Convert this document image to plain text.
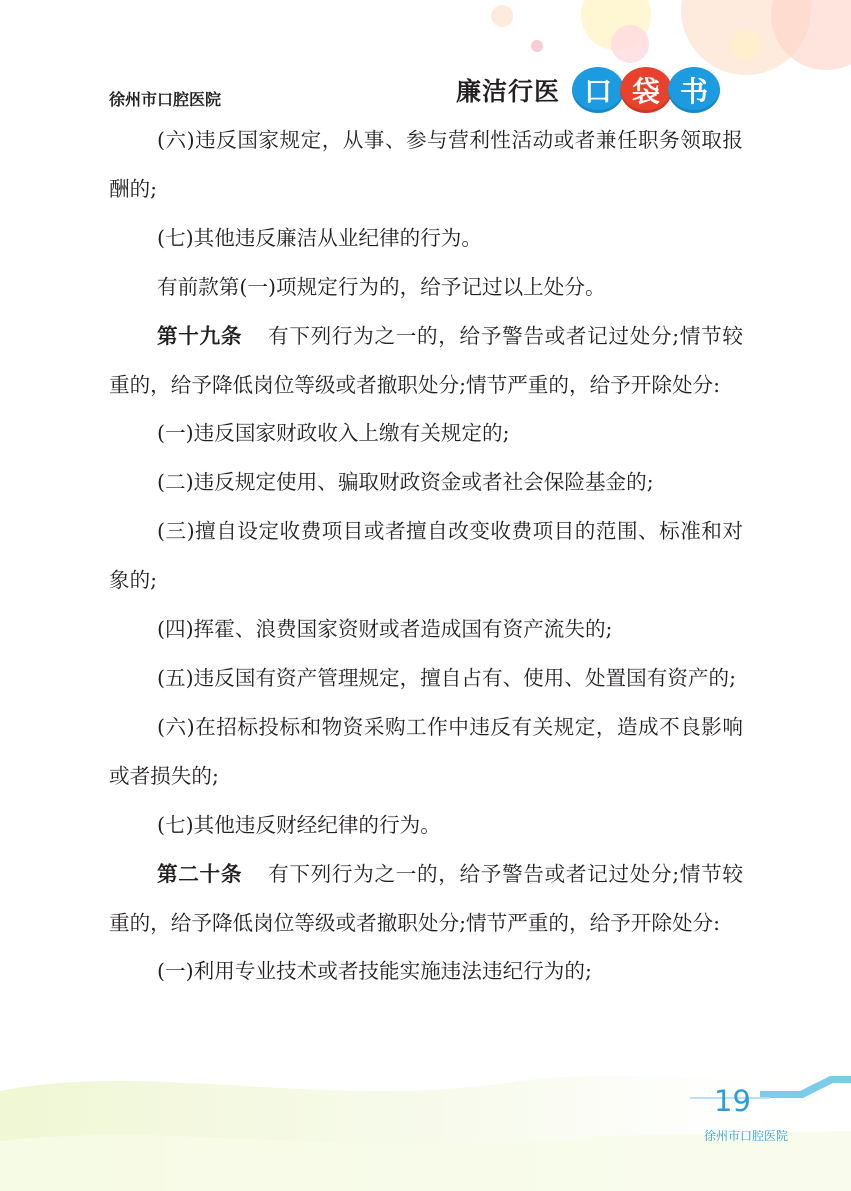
徐州市口腔医院	廉洁行医 口 袋 书

(六)违反国家规定，从事、参与营利性活动或者兼任职务领取报酬的;

(七)其他违反廉洁从业纪律的行为。

有前款第(一)项规定行为的，给予记过以上处分。

第十九条 有下列行为之一的，给予警告或者记过处分;情节较重的，给予降低岗位等级或者撤职处分;情节严重的，给予开除处分:

(一)违反国家财政收入上缴有关规定的;

(二)违反规定使用、骗取财政资金或者社会保险基金的;

(三)擅自设定收费项目或者擅自改变收费项目的范围、标准和对象的;

(四)挥霍、浪费国家资财或者造成国有资产流失的;

(五)违反国有资产管理规定，擅自占有、使用、处置国有资产的;

(六)在招标投标和物资采购工作中违反有关规定，造成不良影响或者损失的;

(七)其他违反财经纪律的行为。

第二十条 有下列行为之一的，给予警告或者记过处分;情节较重的，给予降低岗位等级或者撤职处分;情节严重的，给予开除处分:

(一)利用专业技术或者技能实施违法违纪行为的;

19
徐州市口腔医院
